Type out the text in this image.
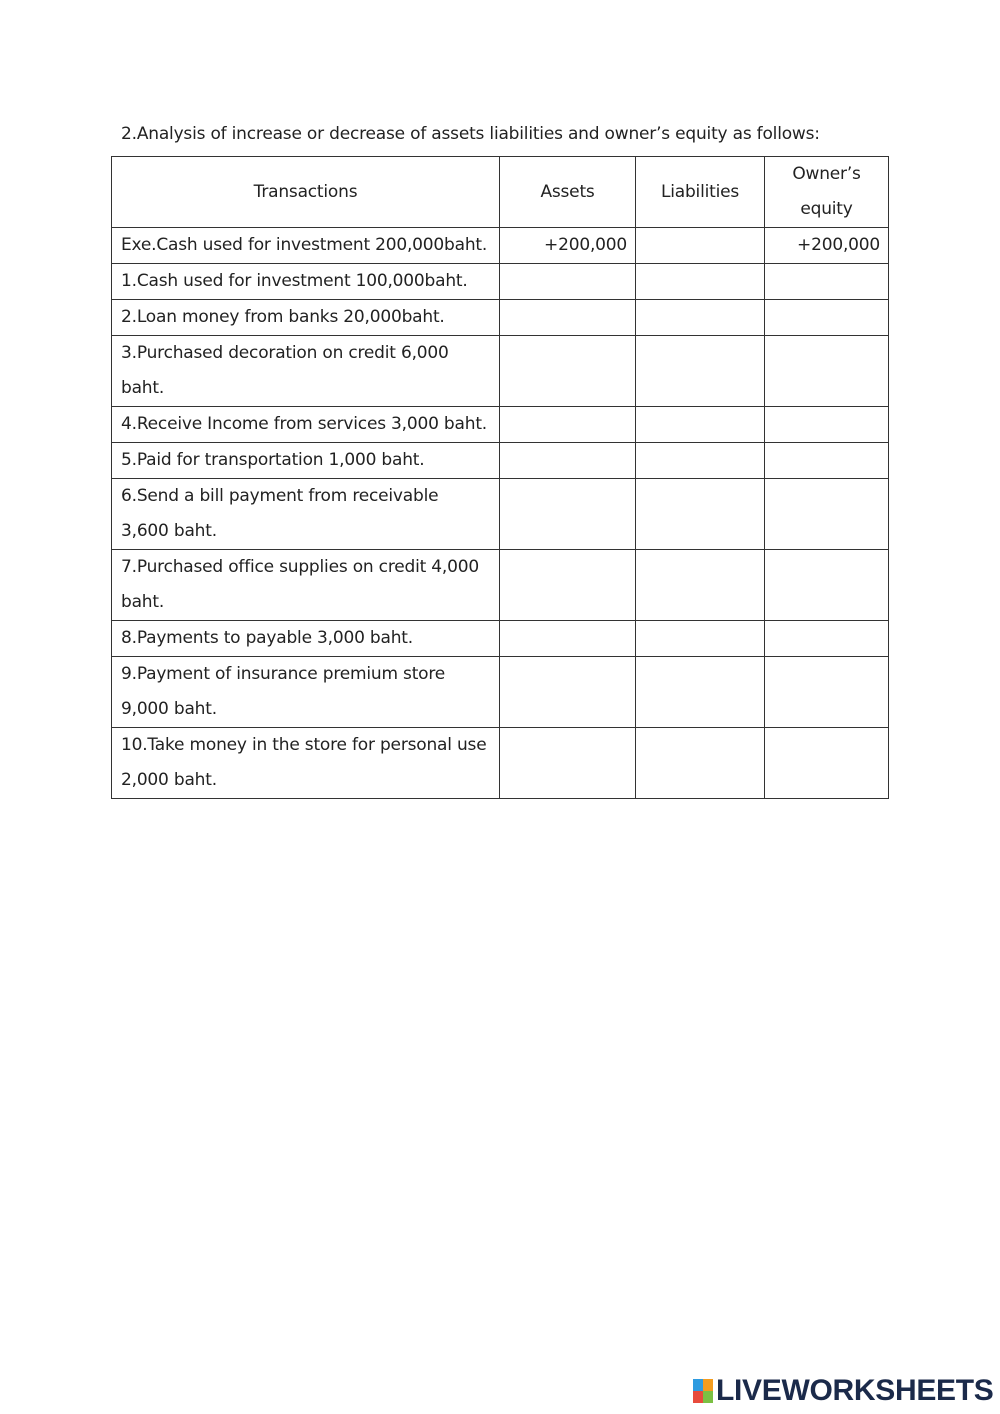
2.Analysis of increase or decrease of assets liabilities and owner’s equity as follows:
Transactions	Assets	Liabilities	Owner’s
equity
Exe.Cash used for investment 200,000baht.	+200,000		+200,000
1.Cash used for investment 100,000baht.			
2.Loan money from banks 20,000baht.			
3.Purchased decoration on credit 6,000 baht.			
4.Receive Income from services 3,000 baht.			
5.Paid for transportation 1,000 baht.			
6.Send a bill payment from receivable 3,600 baht.			
7.Purchased office supplies on credit 4,000 baht.			
8.Payments to payable 3,000 baht.			
9.Payment of insurance premium store 9,000 baht.			
10.Take money in the store for personal use 2,000 baht.			
LIVEWORKSHEETS
